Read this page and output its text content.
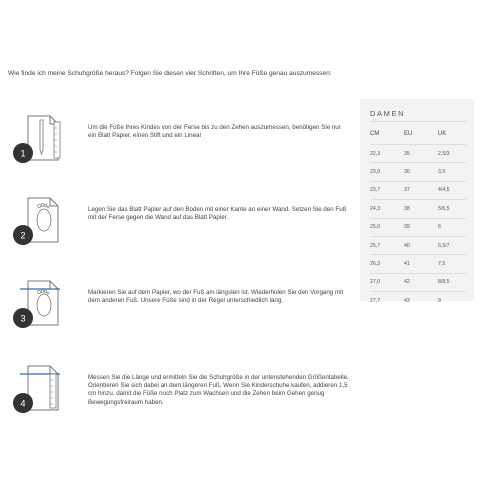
Wie finde ich meine Schuhgröße heraus? Folgen Sie diesen vier Schritten, um Ihre Füße genau auszumessen:
1
Um die Füße Ihres Kindes von der Ferse bis zu den Zehen auszumessen, benötigen Sie nur ein Blatt Papier, einen Stift und ein Lineal
2
Legen Sie das Blatt Papier auf den Boden mit einer Kante an einer Wand. Setzen Sie den Fuß mit der Ferse gegen die Wand auf das Blatt Papier.
3
Markieren Sie auf dem Papier, wo der Fuß am längsten ist. Wiederholen Sie den Vorgang mit dem anderen Fuß. Unsere Füße sind in der Regel unterschiedlich lang.
4
Messen Sie die Länge und ermitteln Sie die Schuhgröße in der untenstehenden Größentabelle. Orientieren Sie sich dabei an dem längeren Fuß. Wenn Sie Kinderschuhe kaufen, addieren 1,5 cm hinzu, damit die Füße noch Platz zum Wachsen und die Zehen beim Gehen genug Bewegungsfreiraum haben.
DAMEN
CM	EU	UK
22,3	35	2,5/3
23,0	36	3,5
23,7	37	4/4,5
24,3	38	5/5,5
25,0	39	6
25,7	40	6,5/7
26,3	41	7,5
27,0	42	8/8,5
27,7	43	9
